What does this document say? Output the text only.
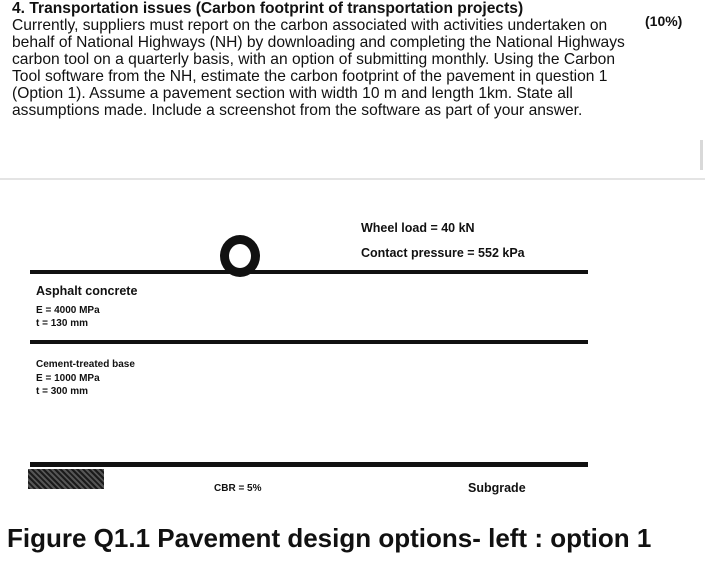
4. Transportation issues (Carbon footprint of transportation projects)
(10%)
Currently, suppliers must report on the carbon associated with activities undertaken on
behalf of National Highways (NH) by downloading and completing the National Highways
carbon tool on a quarterly basis, with an option of submitting monthly. Using the Carbon
Tool software from the NH, estimate the carbon footprint of the pavement in question 1
(Option 1). Assume a pavement section with width 10 m and length 1km. State all
assumptions made. Include a screenshot from the software as part of your answer.
Wheel load = 40 kN
Contact pressure = 552 kPa
Asphalt concrete
E = 4000 MPa
t = 130 mm
Cement-treated base
E = 1000 MPa
t = 300 mm
CBR = 5%	Subgrade
Figure Q1.1 Pavement design options- left : option 1
